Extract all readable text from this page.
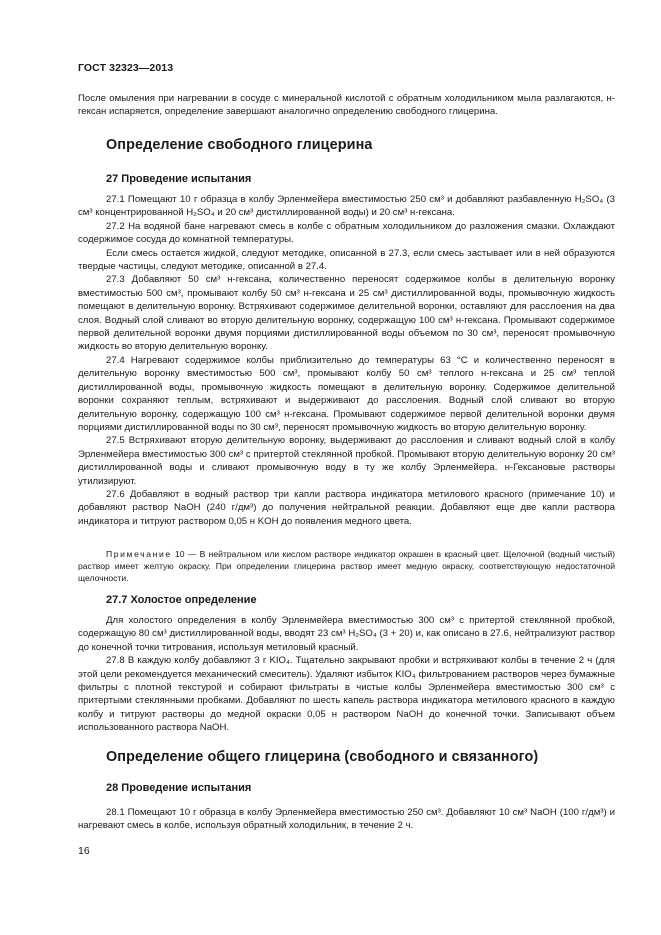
ГОСТ 32323—2013

После омыления при нагревании в сосуде с минеральной кислотой с обратным холодильником мыла разлагаются, н-гексан испаряется, определение завершают аналогично определению свободного глицерина.

Определение свободного глицерина
27 Проведение испытания

27.1 Помещают 10 г образца в колбу Эрленмейера вместимостью 250 см³ и добавляют разбавленную H₂SO₄ (3 см³ концентрированной H₂SO₄ и 20 см³ дистиллированной воды) и 20 см³ н-гексана.

27.2 На водяной бане нагревают смесь в колбе с обратным холодильником до разложения смазки. Охлаждают содержимое сосуда до комнатной температуры.

Если смесь остается жидкой, следуют методике, описанной в 27.3, если смесь застывает или в ней образуются твердые частицы, следуют методике, описанной в 27.4.

27.3 Добавляют 50 см³ н-гексана, количественно переносят содержимое колбы в делительную воронку вместимостью 500 см³, промывают колбу 50 см³ н-гексана и 25 см³ дистиллированной воды, промывочную жидкость помещают в делительную воронку. Встряхивают содержимое делительной воронки, оставляют для расслоения на два слоя. Водный слой сливают во вторую делительную воронку, содержащую 100 см³ н-гексана. Промывают содержимое первой делительной воронки двумя порциями дистиллированной воды объемом по 30 см³, переносят промывочную жидкость во вторую делительную воронку.

27.4 Нагревают содержимое колбы приблизительно до температуры 63 °С и количественно переносят в делительную воронку вместимостью 500 см³, промывают колбу 50 см³ теплого н-гексана и 25 см³ теплой дистиллированной воды, промывочную жидкость помещают в делительную воронку. Содержимое делительной воронки сохраняют теплым, встряхивают и выдерживают до расслоения. Водный слой сливают во вторую делительную воронку, содержащую 100 см³ н-гексана. Промывают содержимое первой делительной воронки двумя порциями дистиллированной воды по 30 см³, переносят промывочную жидкость во вторую делительную воронку.

27.5 Встряхивают вторую делительную воронку, выдерживают до расслоения и сливают водный слой в колбу Эрленмейера вместимостью 300 см³ с притертой стеклянной пробкой. Промывают вторую делительную воронку 20 см³ дистиллированной воды и сливают промывочную воду в ту же колбу Эрленмейера. н-Гексановые растворы утилизируют.

27.6 Добавляют в водный раствор три капли раствора индикатора метилового красного (примечание 10) и добавляют раствор NaOH (240 г/дм³) до получения нейтральной реакции. Добавляют еще две капли раствора индикатора и титруют раствором 0,05 н KOH до появления медного цвета.

Примечание 10 — В нейтральном или кислом растворе индикатор окрашен в красный цвет. Щелочной (водный чистый) раствор имеет желтую окраску. При определении глицерина раствор имеет медную окраску, соответствующую недостаточной щелочности.

27.7 Холостое определение

Для холостого определения в колбу Эрленмейера вместимостью 300 см³ с притертой стеклянной пробкой, содержащую 80 см³ дистиллированной воды, вводят 23 см³ H₂SO₄ (3 + 20) и, как описано в 27.6, нейтрализуют раствор до конечной точки титрования, используя метиловый красный.

27.8 В каждую колбу добавляют 3 г KIO₄. Тщательно закрывают пробки и встряхивают колбы в течение 2 ч (для этой цели рекомендуется механический смеситель). Удаляют избыток KIO₄ фильтрованием растворов через бумажные фильтры с плотной текстурой и собирают фильтраты в чистые колбы Эрленмейера вместимостью 300 см³ с притертыми стеклянными пробками. Добавляют по шесть капель раствора индикатора метилового красного в каждую колбу и титруют растворы до медной окраски 0,05 н раствором NaOH до конечной точки. Записывают объем использованного раствора NaOH.

Определение общего глицерина (свободного и связанного)
28 Проведение испытания

28.1 Помещают 10 г образца в колбу Эрленмейера вместимостью 250 см³. Добавляют 10 см³ NaOH (100 г/дм³) и нагревают смесь в колбе, используя обратный холодильник, в течение 2 ч.

16
